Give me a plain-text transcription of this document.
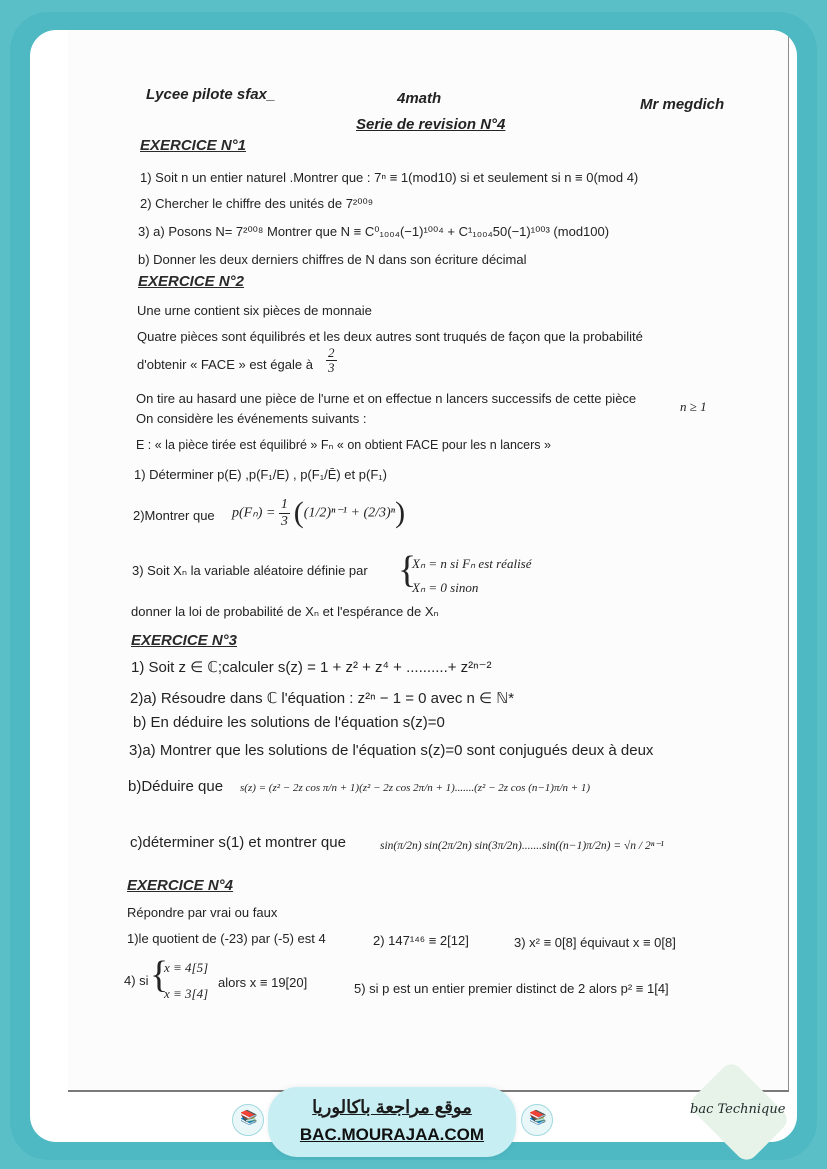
Lycee pilote sfax_	4math	Mr megdich
Serie de revision N°4
EXERCICE N°1
1) Soit n un entier naturel .Montrer que : 7ⁿ ≡ 1(mod10) si et seulement si n ≡ 0(mod 4)
2) Chercher le chiffre des unités de 7²⁰⁰⁹
3) a) Posons N= 7²⁰⁰⁸ Montrer que N ≡ C⁰₁₀₀₄(−1)¹⁰⁰⁴ + C¹₁₀₀₄50(−1)¹⁰⁰³ (mod100)
b) Donner les deux derniers chiffres de N dans son écriture décimal
EXERCICE N°2
Une urne contient six pièces de monnaie
Quatre pièces sont équilibrés et les deux autres sont truqués de façon que la probabilité
d'obtenir « FACE » est égale à $\frac{2}{3}$
On tire au hasard une pièce de l'urne et on effectue n lancers successifs de cette pièce
n ≥ 1
On considère les événements suivants :
E : « la pièce tirée est équilibré » Fₙ « on obtient FACE pour les n lancers »
1) Déterminer p(E) ,p(F₁/E) , p(F₁/Ē) et p(F₁)
2)Montrer que $p(F_n) = \frac{1}{3} ((1/2)^{n-1} + (2/3)^n)$
3) Soit Xₙ la variable aléatoire définie par {
Xₙ = n si Fₙ est réalisé
Xₙ = 0 sinon
donner la loi de probabilité de Xₙ et l'espérance de Xₙ
EXERCICE N°3
1) Soit z ∈ ℂ;calculer s(z) = 1 + z² + z⁴ + ..........+ z²ⁿ⁻²
2)a) Résoudre dans ℂ l'équation : z²ⁿ − 1 = 0 avec n ∈ ℕ*
b) En déduire les solutions de l'équation s(z)=0
3)a) Montrer que les solutions de l'équation s(z)=0 sont conjugués deux à deux
b)Déduire que s(z) = (z² − 2z cos π/n + 1)(z² − 2z cos 2π/n + 1).......(z² − 2z cos (n−1)π/n + 1)
c)déterminer s(1) et montrer que	sin(π/2n) sin(2π/2n) sin(3π/2n).......sin((n−1)π/2n) = √n / 2ⁿ⁻¹
EXERCICE N°4
Répondre par vrai ou faux
1)le quotient de (-23) par (-5) est 4	2) 147¹⁴⁶ ≡ 2[12]	3) x² ≡ 0[8] équivaut x ≡ 0[8]
4) si {
x ≡ 4[5]
x ≡ 3[4]
alors x ≡ 19[20]	5) si p est un entier premier distinct de 2 alors p² ≡ 1[4]
📚	📚
موقع مراجعة باكالوريا
BAC.MOURAJAA.COM
bac Technique
